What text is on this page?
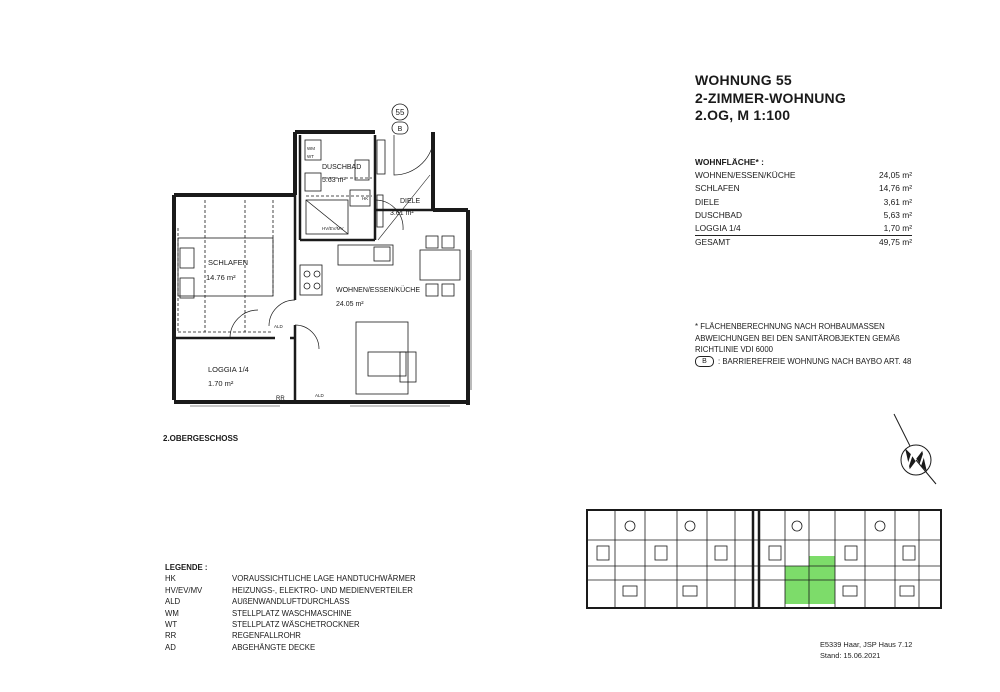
WOHNUNG 55
2-ZIMMER-WOHNUNG
2.OG, M 1:100
WOHNFLÄCHE* :
WOHNEN/ESSEN/KÜCHE	24,05 m²
SCHLAFEN	14,76 m²
DIELE	3,61 m²
DUSCHBAD	5,63 m²
LOGGIA 1/4	1,70 m²
GESAMT	49,75 m²
* FLÄCHENBERECHNUNG NACH ROHBAUMASSEN
ABWEICHUNGEN BEI DEN SANITÄROBJEKTEN GEMÄß
RICHTLINIE VDI 6000
B	: BARRIEREFREIE WOHNUNG NACH BAYBO ART. 48
55
B
DUSCHBAD
5.63 m²
DIELE
3.61 m²
SCHLAFEN
14.76 m²
WOHNEN/ESSEN/KÜCHE
24.05 m²
LOGGIA 1/4
1.70 m²
WM
WT
HK
HV/EV/MV
ALD
ALD
RR
2.OBERGESCHOSS
LEGENDE :
HK	VORAUSSICHTLICHE LAGE HANDTUCHWÄRMER
HV/EV/MV	HEIZUNGS-, ELEKTRO- UND MEDIENVERTEILER
ALD	AUßENWANDLUFTDURCHLASS
WM	STELLPLATZ WASCHMASCHINE
WT	STELLPLATZ WÄSCHETROCKNER
RR	REGENFALLROHR
AD	ABGEHÄNGTE DECKE	E5339 Haar, JSP Haus 7.12
Stand: 15.06.2021
